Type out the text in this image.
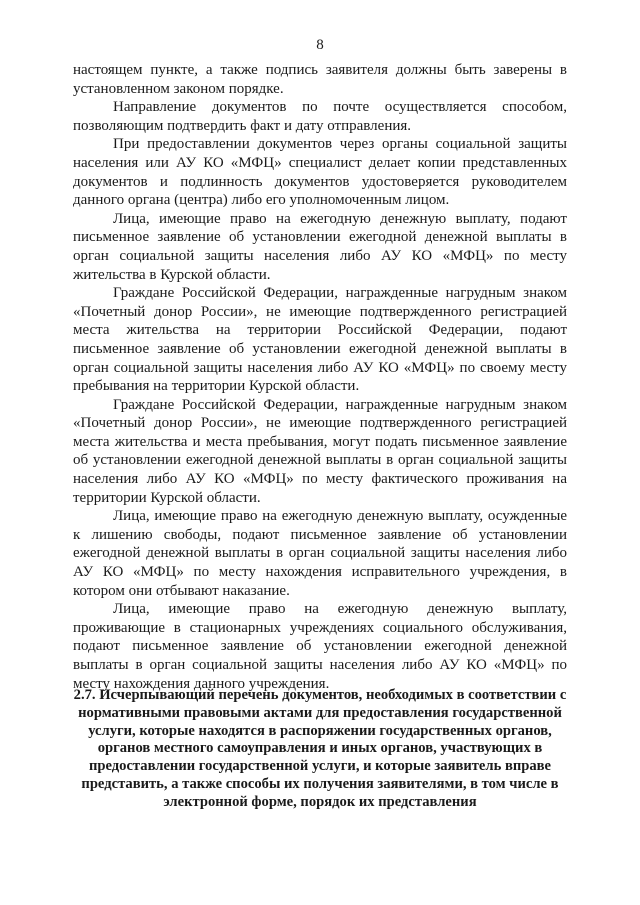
8

настоящем пункте, а также подпись заявителя должны быть заверены в установленном законом порядке.

Направление документов по почте осуществляется способом, позволяющим подтвердить факт и дату отправления.

При предоставлении документов через органы социальной защиты населения или АУ КО «МФЦ» специалист делает копии представленных документов и подлинность документов удостоверяется руководителем данного органа (центра) либо его уполномоченным лицом.

Лица, имеющие право на ежегодную денежную выплату, подают письменное заявление об установлении ежегодной денежной выплаты в орган социальной защиты населения либо АУ КО «МФЦ» по месту жительства в Курской области.

Граждане Российской Федерации, награжденные нагрудным знаком «Почетный донор России», не имеющие подтвержденного регистрацией места жительства на территории Российской Федерации, подают письменное заявление об установлении ежегодной денежной выплаты в орган социальной защиты населения либо АУ КО «МФЦ» по своему месту пребывания на территории Курской области.

Граждане Российской Федерации, награжденные нагрудным знаком «Почетный донор России», не имеющие подтвержденного регистрацией места жительства и места пребывания, могут подать письменное заявление об установлении ежегодной денежной выплаты в орган социальной защиты населения либо АУ КО «МФЦ» по месту фактического проживания на территории Курской области.

Лица, имеющие право на ежегодную денежную выплату, осужденные к лишению свободы, подают письменное заявление об установлении ежегодной денежной выплаты в орган социальной защиты населения либо АУ КО «МФЦ» по месту нахождения исправительного учреждения, в котором они отбывают наказание.

Лица, имеющие право на ежегодную денежную выплату, проживающие в стационарных учреждениях социального обслуживания, подают письменное заявление об установлении ежегодной денежной выплаты в орган социальной защиты населения либо АУ КО «МФЦ» по месту нахождения данного учреждения.

2.7. Исчерпывающий перечень документов, необходимых в соответствии с нормативными правовыми актами для предоставления государственной услуги, которые находятся в распоряжении государственных органов, органов местного самоуправления и иных органов, участвующих в предоставлении государственной услуги, и которые заявитель вправе представить, а также способы их получения заявителями, в том числе в электронной форме, порядок их представления
